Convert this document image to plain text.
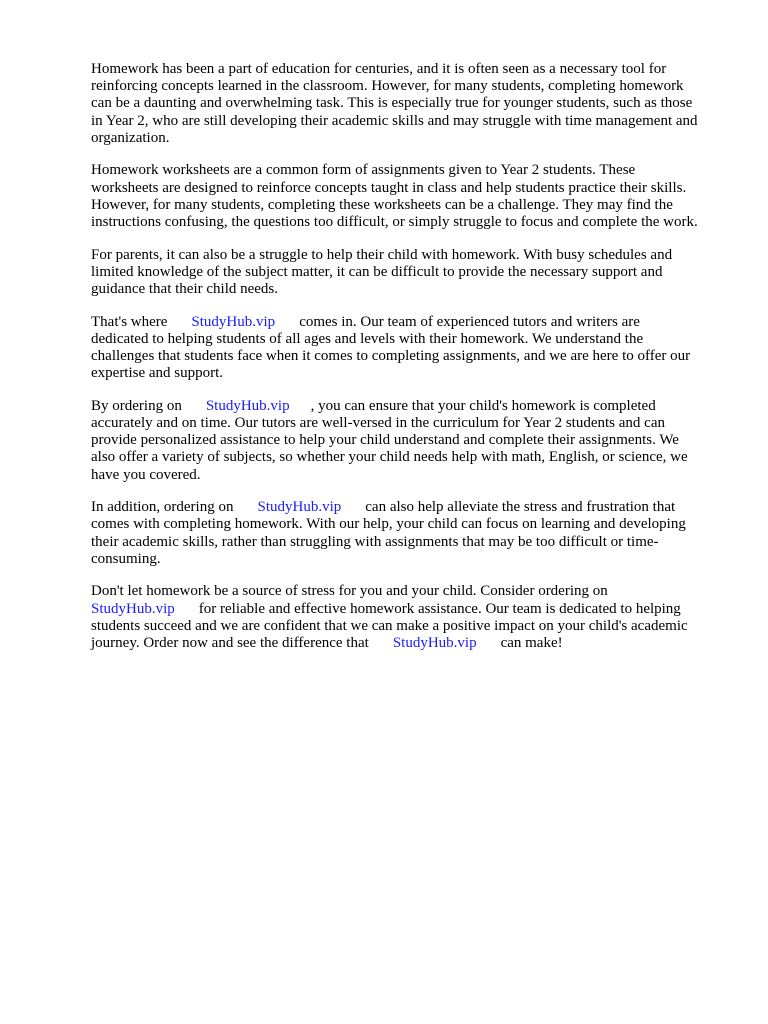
Homework has been a part of education for centuries, and it is often seen as a necessary tool for
reinforcing concepts learned in the classroom. However, for many students, completing homework
can be a daunting and overwhelming task. This is especially true for younger students, such as those
in Year 2, who are still developing their academic skills and may struggle with time management and
organization.

Homework worksheets are a common form of assignments given to Year 2 students. These
worksheets are designed to reinforce concepts taught in class and help students practice their skills.
However, for many students, completing these worksheets can be a challenge. They may find the
instructions confusing, the questions too difficult, or simply struggle to focus and complete the work.

For parents, it can also be a struggle to help their child with homework. With busy schedules and
limited knowledge of the subject matter, it can be difficult to provide the necessary support and
guidance that their child needs.

That's where StudyHub.vip comes in. Our team of experienced tutors and writers are
dedicated to helping students of all ages and levels with their homework. We understand the
challenges that students face when it comes to completing assignments, and we are here to offer our
expertise and support.

By ordering on StudyHub.vip , you can ensure that your child's homework is completed
accurately and on time. Our tutors are well-versed in the curriculum for Year 2 students and can
provide personalized assistance to help your child understand and complete their assignments. We
also offer a variety of subjects, so whether your child needs help with math, English, or science, we
have you covered.

In addition, ordering on StudyHub.vip can also help alleviate the stress and frustration that
comes with completing homework. With our help, your child can focus on learning and developing
their academic skills, rather than struggling with assignments that may be too difficult or time-
consuming.

Don't let homework be a source of stress for you and your child. Consider ordering on
StudyHub.vip for reliable and effective homework assistance. Our team is dedicated to helping
students succeed and we are confident that we can make a positive impact on your child's academic
journey. Order now and see the difference that StudyHub.vip can make!
